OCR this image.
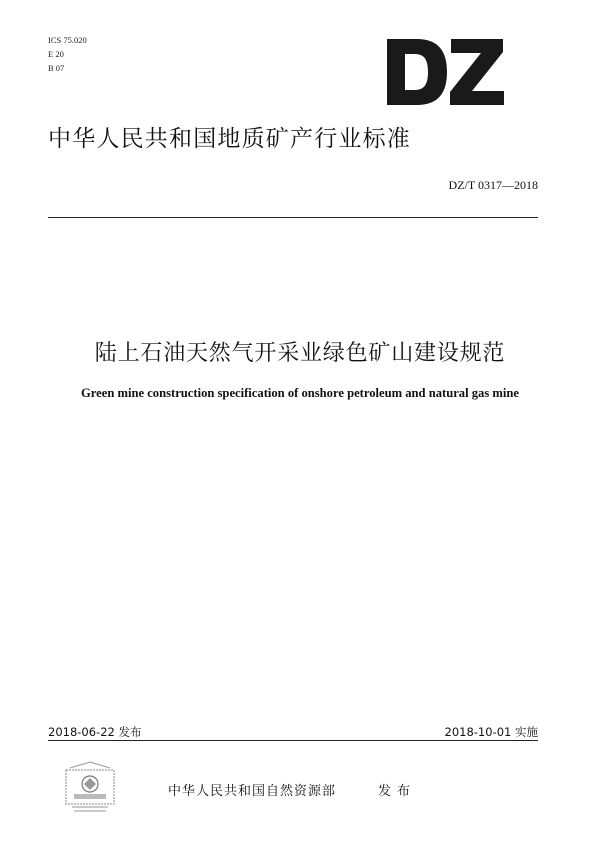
ICS 75.020
E 20
B 07
中华人民共和国地质矿产行业标准
DZ/T 0317—2018
陆上石油天然气开采业绿色矿山建设规范
Green mine construction specification of onshore petroleum and natural gas mine
2018-06-22 发布	2018-10-01 实施
中华人民共和国自然资源部	发布
